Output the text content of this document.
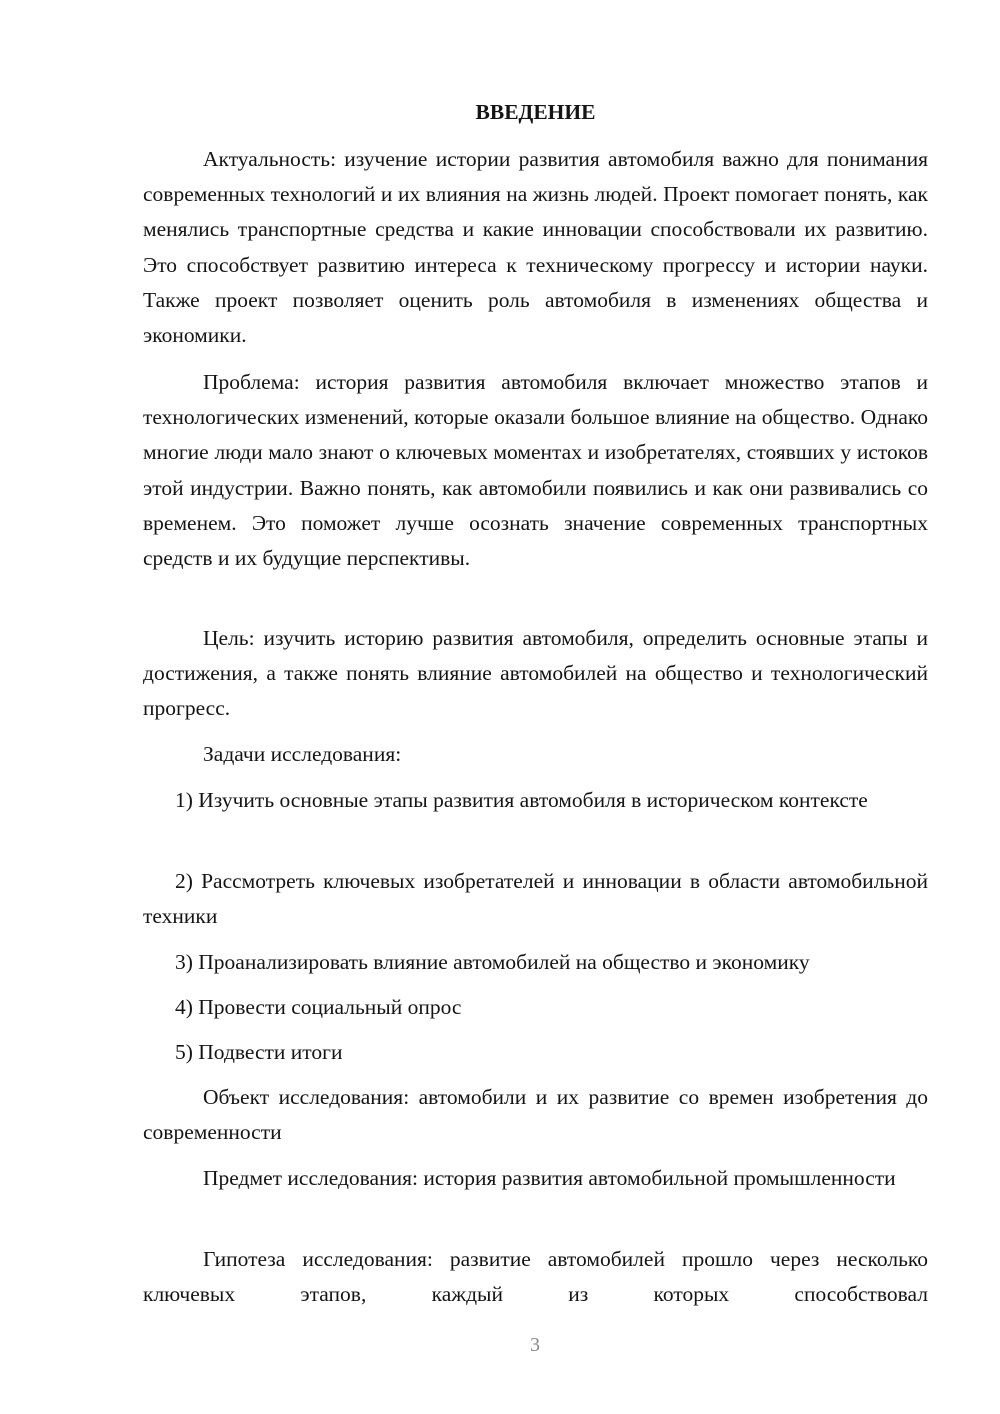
ВВЕДЕНИЕ

Актуальность: изучение истории развития автомобиля важно для понимания современных технологий и их влияния на жизнь людей. Проект помогает понять, как менялись транспортные средства и какие инновации способствовали их развитию. Это способствует развитию интереса к техническому прогрессу и истории науки. Также проект позволяет оценить роль автомобиля в изменениях общества и экономики.

Проблема: история развития автомобиля включает множество этапов и технологических изменений, которые оказали большое влияние на общество. Однако многие люди мало знают о ключевых моментах и изобретателях, стоявших у истоков этой индустрии. Важно понять, как автомобили появились и как они развивались со временем. Это поможет лучше осознать значение современных транспортных средств и их будущие перспективы.

Цель: изучить историю развития автомобиля, определить основные этапы и достижения, а также понять влияние автомобилей на общество и технологический прогресс.

Задачи исследования:

1) Изучить основные этапы развития автомобиля в историческом контексте

2) Рассмотреть ключевых изобретателей и инновации в области автомобильной техники

3) Проанализировать влияние автомобилей на общество и экономику

4) Провести социальный опрос

5) Подвести итоги

Объект исследования: автомобили и их развитие со времен изобретения до современности

Предмет исследования: история развития автомобильной промышленности

Гипотеза исследования: развитие автомобилей прошло через несколько ключевых этапов, каждый из которых способствовал

3
